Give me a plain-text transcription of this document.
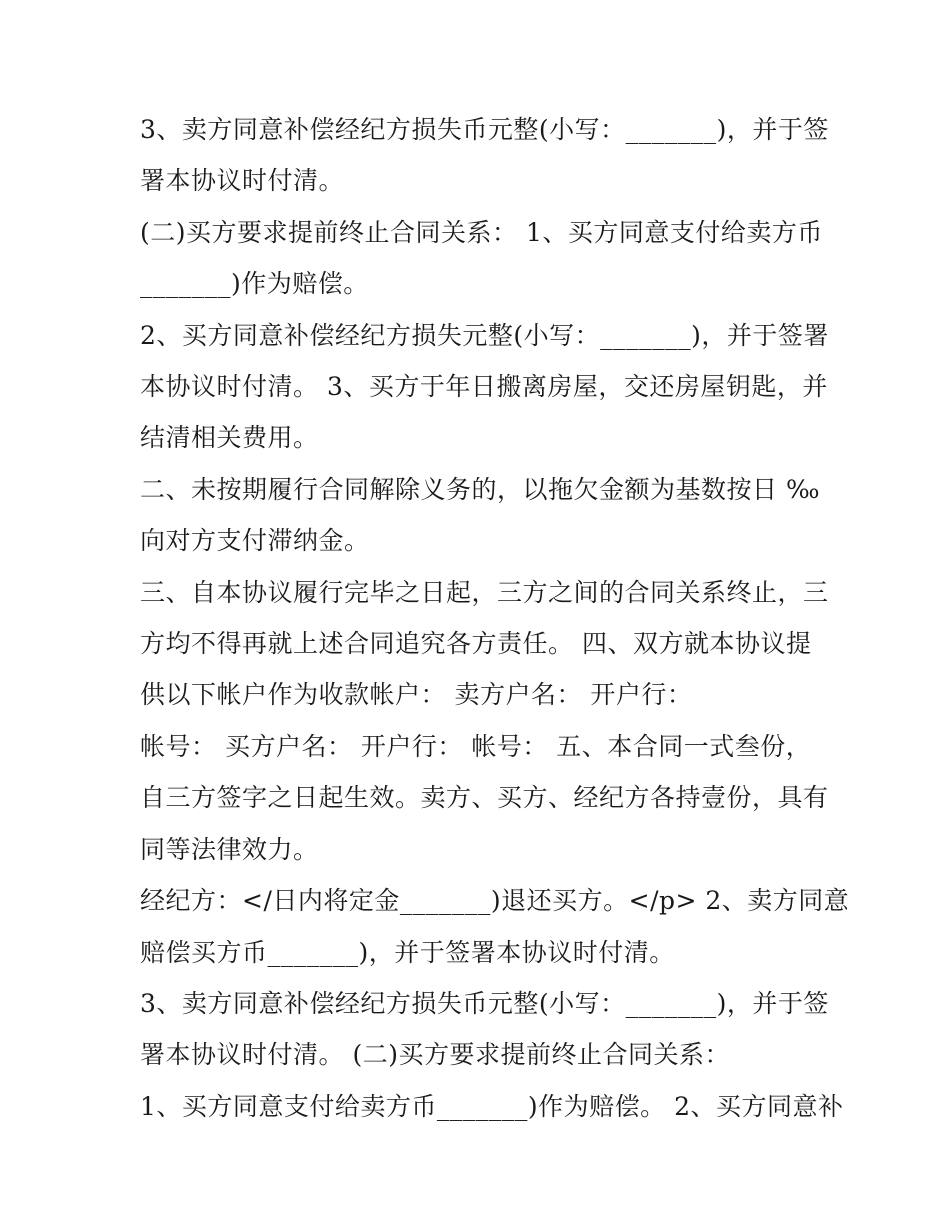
3、卖方同意补偿经纪方损失币元整(小写：_______)，并于签

署本协议时付清。

(二)买方要求提前终止合同关系： 1、买方同意支付给卖方币

_______)作为赔偿。

2、买方同意补偿经纪方损失元整(小写：_______)，并于签署

本协议时付清。 3、买方于年日搬离房屋，交还房屋钥匙，并

结清相关费用。

二、未按期履行合同解除义务的，以拖欠金额为基数按日 ‰

向对方支付滞纳金。

三、自本协议履行完毕之日起，三方之间的合同关系终止，三

方均不得再就上述合同追究各方责任。 四、双方就本协议提

供以下帐户作为收款帐户： 卖方户名： 开户行：

帐号： 买方户名： 开户行： 帐号： 五、本合同一式叁份，

自三方签字之日起生效。卖方、买方、经纪方各持壹份，具有

同等法律效力。

经纪方：</日内将定金_______)退还买方。</p> 2、卖方同意

赔偿买方币_______)，并于签署本协议时付清。

3、卖方同意补偿经纪方损失币元整(小写：_______)，并于签

署本协议时付清。 (二)买方要求提前终止合同关系：

1、买方同意支付给卖方币_______)作为赔偿。 2、买方同意补
